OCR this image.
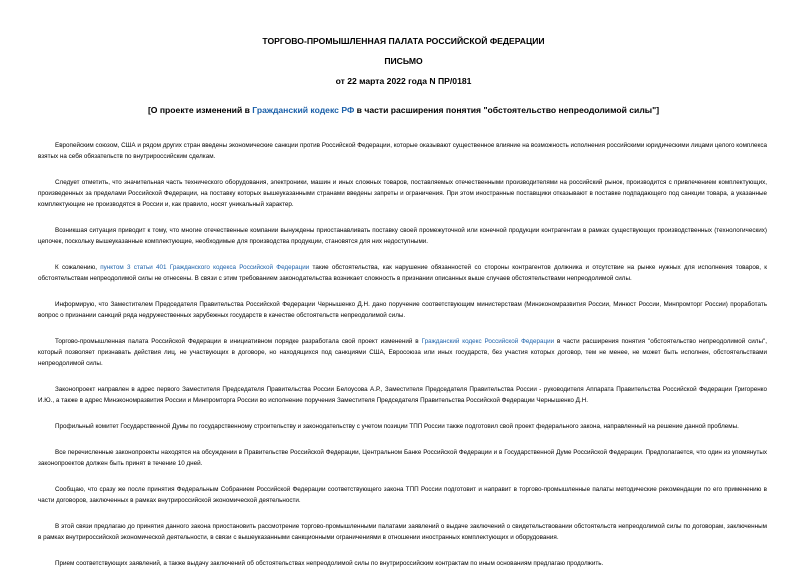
ТОРГОВО-ПРОМЫШЛЕННАЯ ПАЛАТА РОССИЙСКОЙ ФЕДЕРАЦИИ
ПИСЬМО
от 22 марта 2022 года N ПР/0181
[О проекте изменений в Гражданский кодекс РФ в части расширения понятия "обстоятельство непреодолимой силы"]

Европейским союзом, США и рядом других стран введены экономические санкции против Российской Федерации, которые оказывают существенное влияние на возможность исполнения российскими юридическими лицами целого комплекса взятых на себя обязательств по внутрироссийским сделкам.

Следует отметить, что значительная часть технического оборудования, электроники, машин и иных сложных товаров, поставляемых отечественными производителями на российский рынок, производится с привлечением комплектующих, произведенных за пределами Российской Федерации, на поставку которых вышеуказанными странами введены запреты и ограничения. При этом иностранные поставщики отказывают в поставке подпадающего под санкции товара, а указанные комплектующие не производятся в России и, как правило, носят уникальный характер.

Возникшая ситуация приводит к тому, что многие отечественные компании вынуждены приостанавливать поставку своей промежуточной или конечной продукции контрагентам в рамках существующих производственных (технологических) цепочек, поскольку вышеуказанные комплектующие, необходимые для производства продукции, становятся для них недоступными.

К сожалению, пунктом 3 статьи 401 Гражданского кодекса Российской Федерации такие обстоятельства, как нарушение обязанностей со стороны контрагентов должника и отсутствие на рынке нужных для исполнения товаров, к обстоятельствам непреодолимой силы не отнесены. В связи с этим требованием законодательства возникает сложность в признании описанных выше случаев обстоятельствами непреодолимой силы.

Информирую, что Заместителем Председателя Правительства Российской Федерации Чернышенко Д.Н. дано поручение соответствующим министерствам (Минэкономразвития России, Минюст России, Минпромторг России) проработать вопрос о признании санкций ряда недружественных зарубежных государств в качестве обстоятельств непреодолимой силы.

Торгово-промышленная палата Российской Федерации в инициативном порядке разработала свой проект изменений в Гражданский кодекс Российской Федерации в части расширения понятия "обстоятельство непреодолимой силы", который позволяет признавать действия лиц, не участвующих в договоре, но находящихся под санкциями США, Евросоюза или иных государств, без участия которых договор, тем не менее, не может быть исполнен, обстоятельствами непреодолимой силы.

Законопроект направлен в адрес первого Заместителя Председателя Правительства России Белоусова А.Р., Заместителя Председателя Правительства России - руководителя Аппарата Правительства Российской Федерации Григоренко И.Ю., а также в адрес Минэкономразвития России и Минпромторга России во исполнение поручения Заместителя Председателя Правительства Российской Федерации Чернышенко Д.Н.

Профильный комитет Государственной Думы по государственному строительству и законодательству с учетом позиции ТПП России также подготовил свой проект федерального закона, направленный на решение данной проблемы.

Все перечисленные законопроекты находятся на обсуждении в Правительстве Российской Федерации, Центральном Банке Российской Федерации и в Государственной Думе Российской Федерации. Предполагается, что один из упомянутых законопроектов должен быть принят в течение 10 дней.

Сообщаю, что сразу же после принятия Федеральным Собранием Российской Федерации соответствующего закона ТПП России подготовит и направит в торгово-промышленные палаты методические рекомендации по его применению в части договоров, заключенных в рамках внутрироссийской экономической деятельности.

В этой связи предлагаю до принятия данного закона приостановить рассмотрение торгово-промышленными палатами заявлений о выдаче заключений о свидетельствовании обстоятельств непреодолимой силы по договорам, заключенным в рамках внутрироссийской экономической деятельности, в связи с вышеуказанными санкционными ограничениями в отношении иностранных комплектующих и оборудования.

Прием соответствующих заявлений, а также выдачу заключений об обстоятельствах непреодолимой силы по внутрироссийским контрактам по иным основаниям предлагаю продолжить.
